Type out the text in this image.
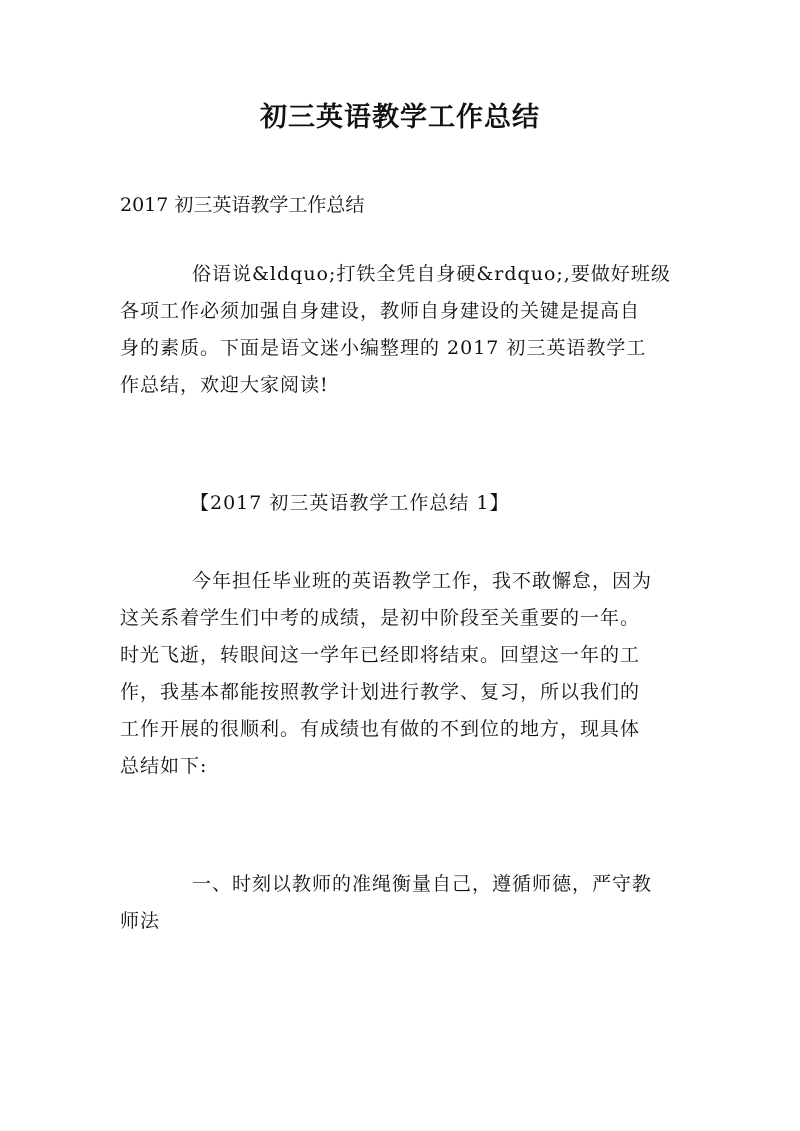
初三英语教学工作总结

2017 初三英语教学工作总结

俗语说&ldquo;打铁全凭自身硬&rdquo;,要做好班级
各项工作必须加强自身建设，教师自身建设的关键是提高自
身的素质。下面是语文迷小编整理的 2017 初三英语教学工
作总结，欢迎大家阅读!

【2017 初三英语教学工作总结 1】

今年担任毕业班的英语教学工作，我不敢懈怠，因为
这关系着学生们中考的成绩，是初中阶段至关重要的一年。
时光飞逝，转眼间这一学年已经即将结束。回望这一年的工
作，我基本都能按照教学计划进行教学、复习，所以我们的
工作开展的很顺利。有成绩也有做的不到位的地方，现具体
总结如下:
一、时刻以教师的准绳衡量自己，遵循师德，严守教
师法
